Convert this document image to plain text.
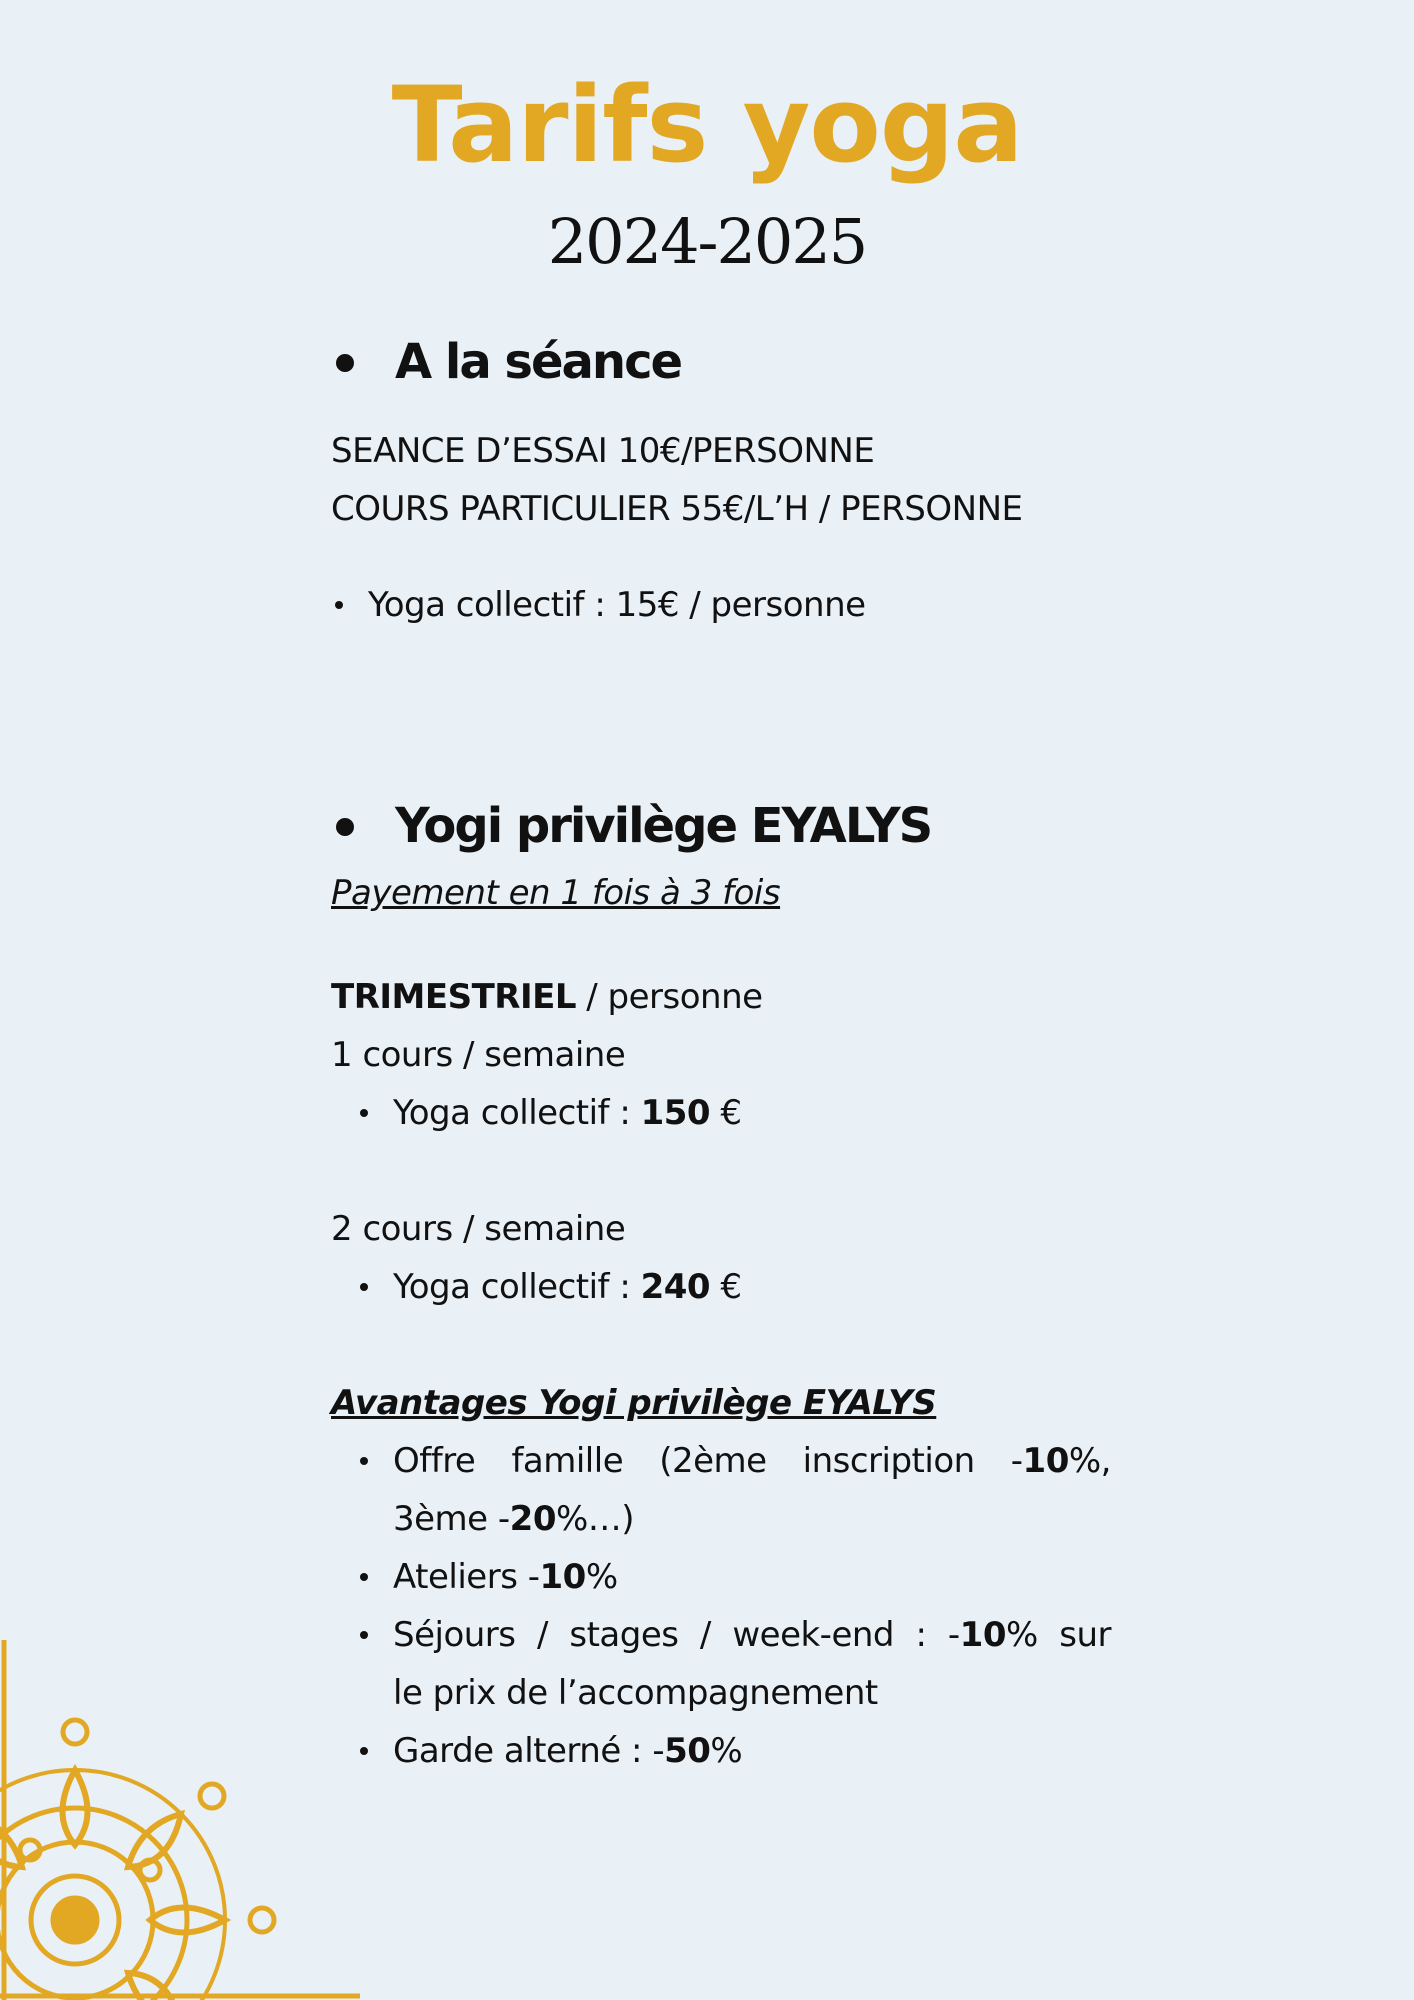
Tarifs yoga

2024-2025

A la séance

SEANCE D’ESSAI 10€/PERSONNE

COURS PARTICULIER 55€/L’H / PERSONNE

Yoga collectif : 15€ / personne
Yogi privilège EYALYS

Payement en 1 fois à 3 fois

TRIMESTRIEL / personne

1 cours / semaine

Yoga collectif : 150 €

2 cours / semaine

Yoga collectif : 240 €

Avantages Yogi privilège EYALYS

Offre famille (2ème inscription -10%,
3ème -20%…)
Ateliers -10%
Séjours / stages / week-end : -10% sur
le prix de l’accompagnement
Garde alterné : -50%
